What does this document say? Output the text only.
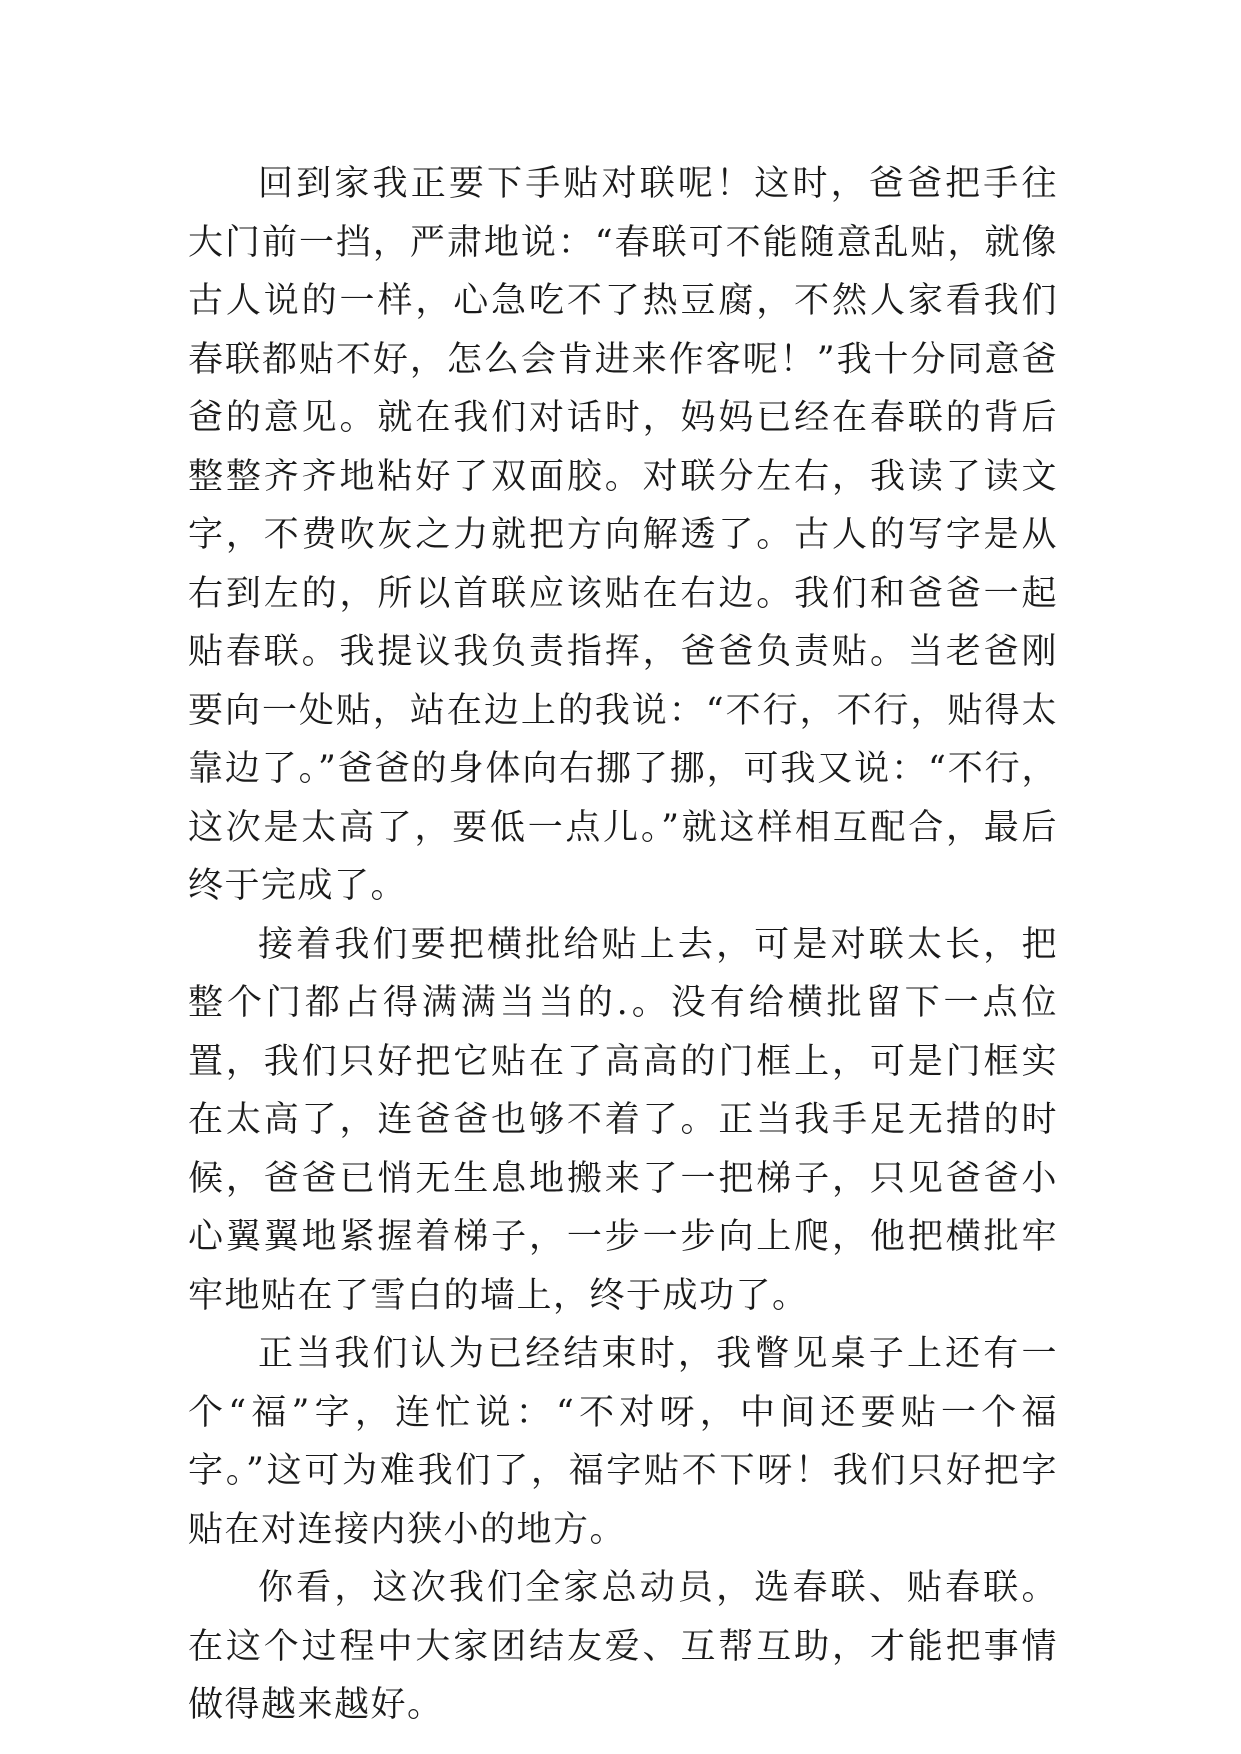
回到家我正要下手贴对联呢！这时，爸爸把手往大门前一挡，严肃地说：“春联可不能随意乱贴，就像古人说的一样，心急吃不了热豆腐，不然人家看我们春联都贴不好，怎么会肯进来作客呢！”我十分同意爸爸的意见。就在我们对话时，妈妈已经在春联的背后整整齐齐地粘好了双面胶。对联分左右，我读了读文字，不费吹灰之力就把方向解透了。古人的写字是从右到左的，所以首联应该贴在右边。我们和爸爸一起贴春联。我提议我负责指挥，爸爸负责贴。当老爸刚要向一处贴，站在边上的我说：“不行，不行，贴得太靠边了。”爸爸的身体向右挪了挪，可我又说：“不行，这次是太高了，要低一点儿。”就这样相互配合，最后终于完成了。

接着我们要把横批给贴上去，可是对联太长，把整个门都占得满满当当的.。没有给横批留下一点位置，我们只好把它贴在了高高的门框上，可是门框实在太高了，连爸爸也够不着了。正当我手足无措的时候，爸爸已悄无生息地搬来了一把梯子，只见爸爸小心翼翼地紧握着梯子，一步一步向上爬，他把横批牢牢地贴在了雪白的墙上，终于成功了。

正当我们认为已经结束时，我瞥见桌子上还有一个“福”字，连忙说：“不对呀，中间还要贴一个福字。”这可为难我们了，福字贴不下呀！我们只好把字贴在对连接内狭小的地方。

你看，这次我们全家总动员，选春联、贴春联。在这个过程中大家团结友爱、互帮互助，才能把事情做得越来越好。
